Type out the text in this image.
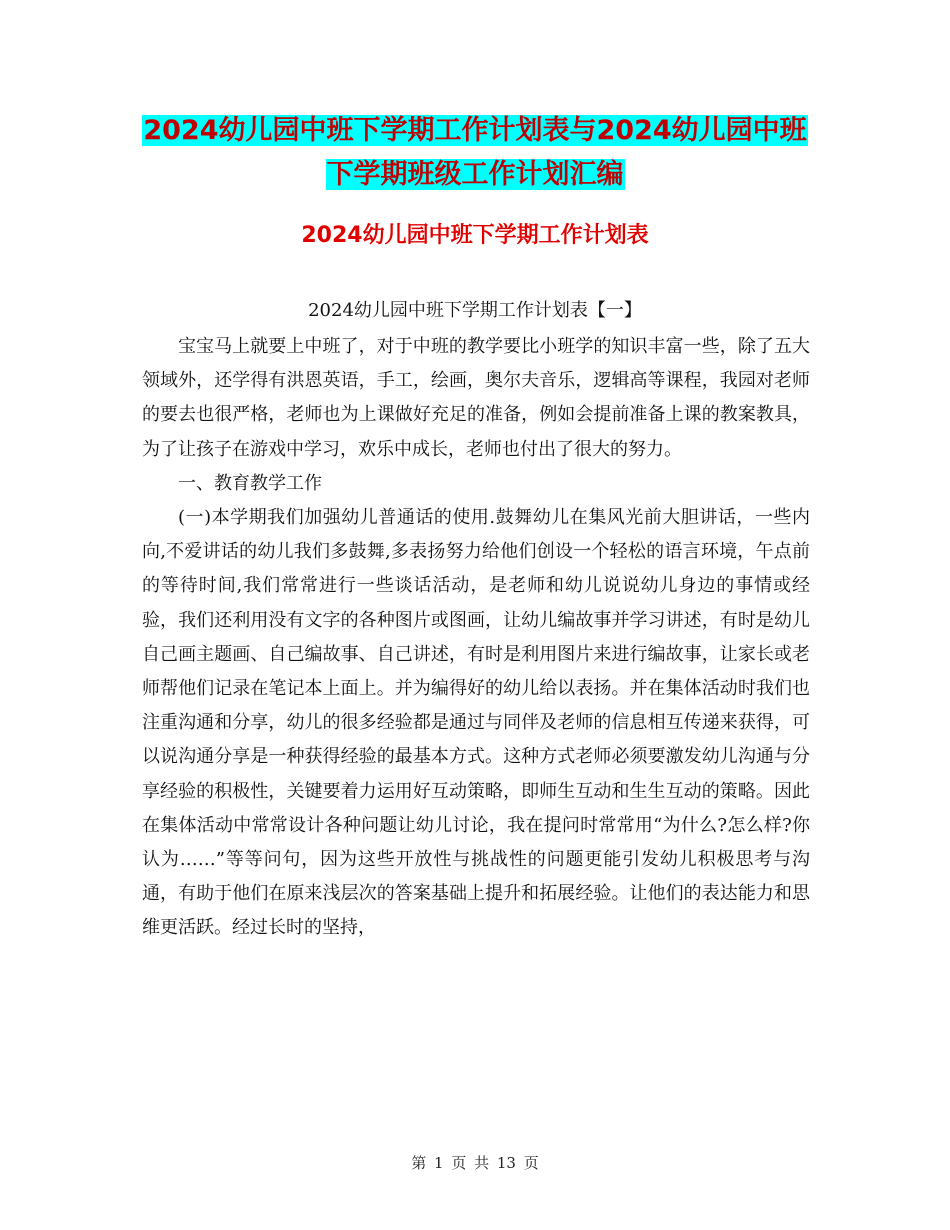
2024幼儿园中班下学期工作计划表与2024幼儿园中班
下学期班级工作计划汇编
2024幼儿园中班下学期工作计划表
2024幼儿园中班下学期工作计划表【一】

宝宝马上就要上中班了，对于中班的教学要比小班学的知识丰富一些，除了五大领域外，还学得有洪恩英语，手工，绘画，奥尔夫音乐，逻辑高等课程，我园对老师的要去也很严格，老师也为上课做好充足的准备，例如会提前准备上课的教案教具，为了让孩子在游戏中学习，欢乐中成长，老师也付出了很大的努力。

一、教育教学工作

(一)本学期我们加强幼儿普通话的使用.鼓舞幼儿在集风光前大胆讲话，一些内向,不爱讲话的幼儿我们多鼓舞,多表扬努力给他们创设一个轻松的语言环境，午点前的等待时间,我们常常进行一些谈话活动，是老师和幼儿说说幼儿身边的事情或经验，我们还利用没有文字的各种图片或图画，让幼儿编故事并学习讲述，有时是幼儿自己画主题画、自己编故事、自己讲述，有时是利用图片来进行编故事，让家长或老师帮他们记录在笔记本上面上。并为编得好的幼儿给以表扬。并在集体活动时我们也注重沟通和分享，幼儿的很多经验都是通过与同伴及老师的信息相互传递来获得，可以说沟通分享是一种获得经验的最基本方式。这种方式老师必须要激发幼儿沟通与分享经验的积极性，关键要着力运用好互动策略，即师生互动和生生互动的策略。因此在集体活动中常常设计各种问题让幼儿讨论，我在提问时常常用“为什么?怎么样?你认为……”等等问句，因为这些开放性与挑战性的问题更能引发幼儿积极思考与沟通，有助于他们在原来浅层次的答案基础上提升和拓展经验。让他们的表达能力和思维更活跃。经过长时的坚持，

第 1 页 共 13 页
